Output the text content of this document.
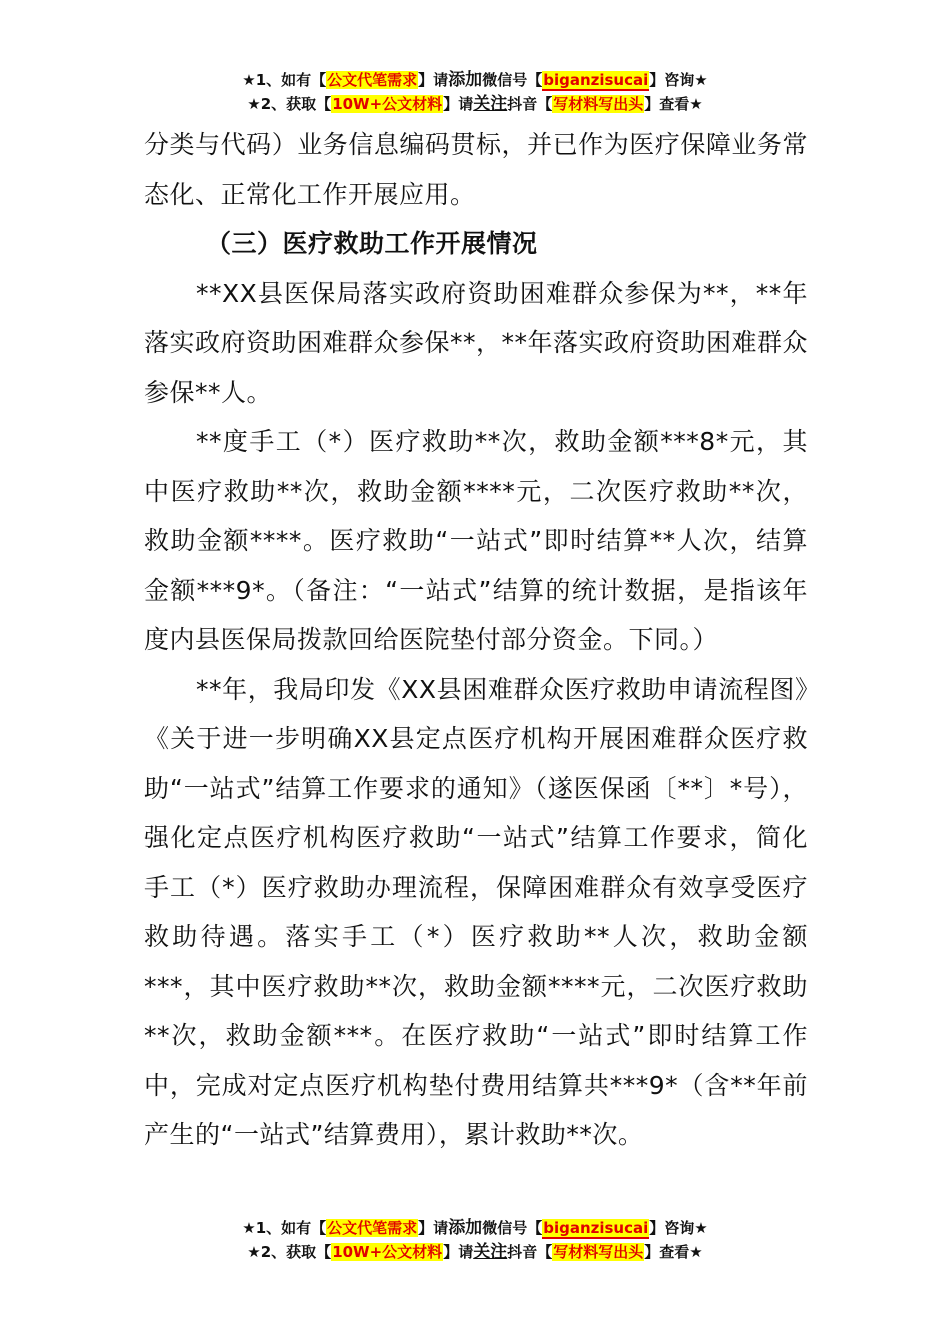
★1、如有【公文代笔需求】请添加微信号【biganzisucai】咨询★
★2、获取【10W+公文材料】请关注抖音【写材料写出头】查看★

分类与代码）业务信息编码贯标，并已作为医疗保障业务常态化、正常化工作开展应用。

（三）医疗救助工作开展情况

**XX县医保局落实政府资助困难群众参保为**，**年落实政府资助困难群众参保**，**年落实政府资助困难群众参保**人。

**度手工（*）医疗救助**次，救助金额***8*元，其中医疗救助**次，救助金额****元，二次医疗救助**次，救助金额****。医疗救助“一站式”即时结算**人次，结算金额***9*。（备注：“一站式”结算的统计数据，是指该年度内县医保局拨款回给医院垫付部分资金。下同。）

**年，我局印发《XX县困难群众医疗救助申请流程图》《关于进一步明确XX县定点医疗机构开展困难群众医疗救助“一站式”结算工作要求的通知》（遂医保函〔**〕*号），强化定点医疗机构医疗救助“一站式”结算工作要求，简化手工（*）医疗救助办理流程，保障困难群众有效享受医疗救助待遇。落实手工（*）医疗救助**人次，救助金额***，其中医疗救助**次，救助金额****元，二次医疗救助**次，救助金额***。在医疗救助“一站式”即时结算工作中，完成对定点医疗机构垫付费用结算共***9*（含**年前产生的“一站式”结算费用），累计救助**次。

★1、如有【公文代笔需求】请添加微信号【biganzisucai】咨询★
★2、获取【10W+公文材料】请关注抖音【写材料写出头】查看★
